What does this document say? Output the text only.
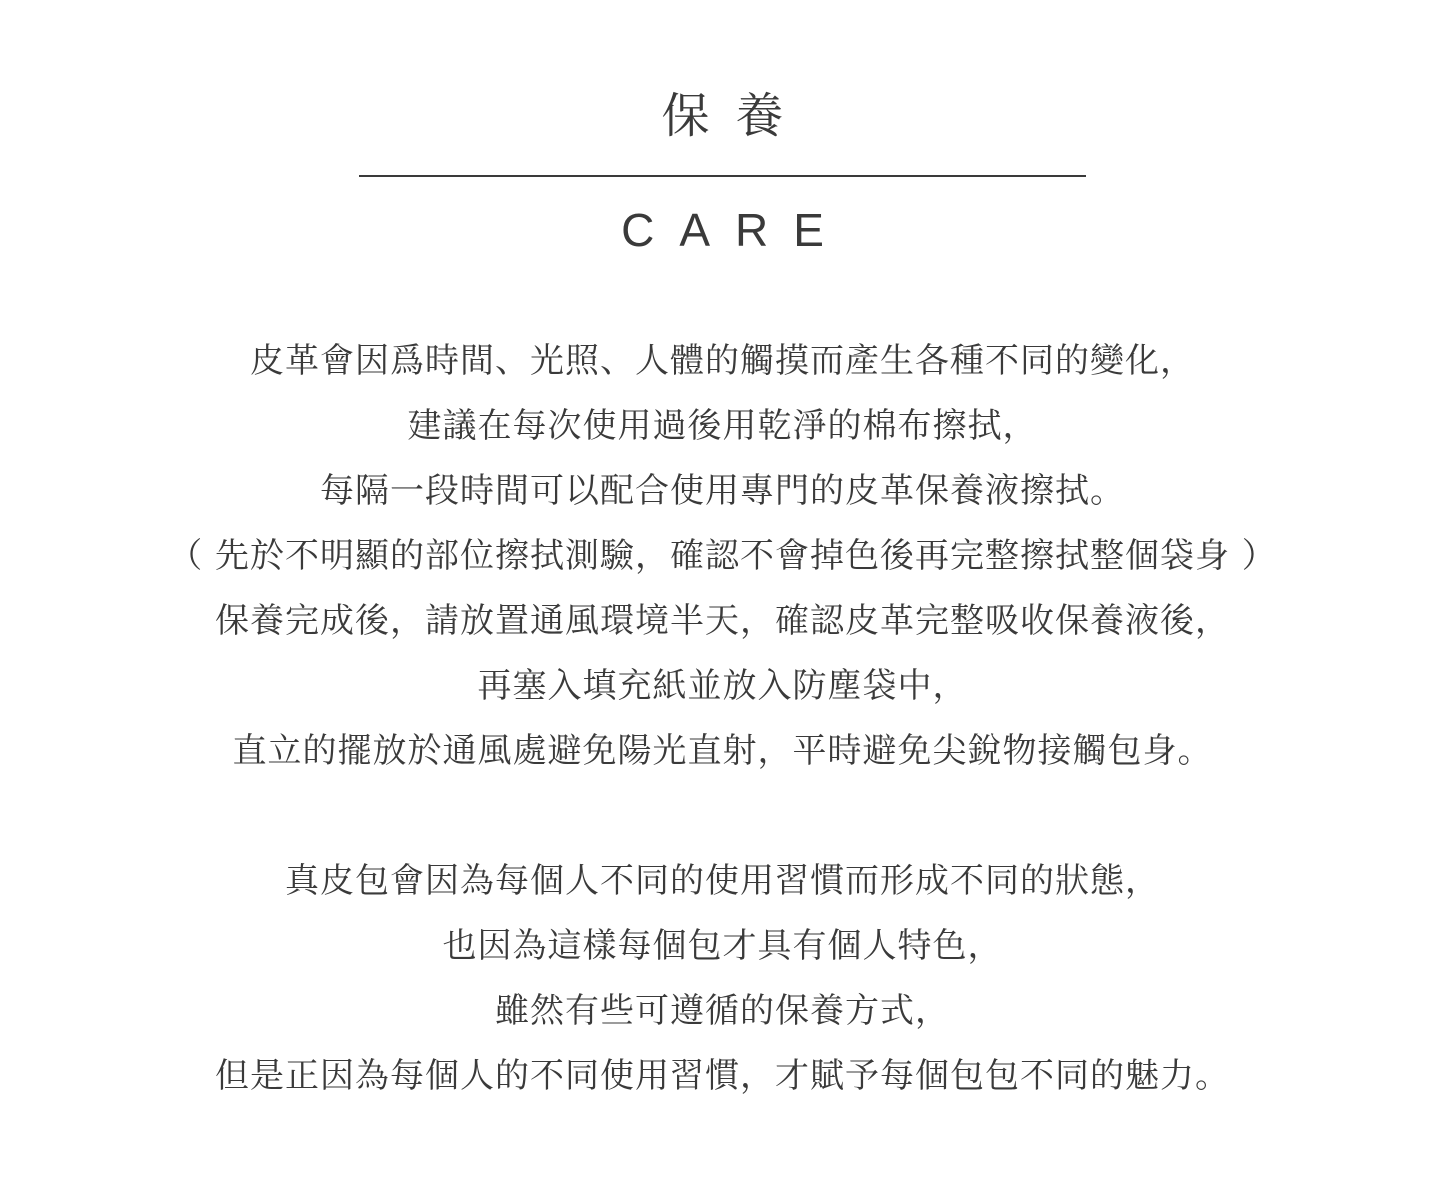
保養
CARE
皮革會因爲時間、光照、人體的觸摸而產生各種不同的變化，
建議在每次使用過後用乾淨的棉布擦拭，
每隔一段時間可以配合使用專門的皮革保養液擦拭。
（ 先於不明顯的部位擦拭測驗，確認不會掉色後再完整擦拭整個袋身 ）
保養完成後，請放置通風環境半天，確認皮革完整吸收保養液後，
再塞入填充紙並放入防塵袋中，
直立的擺放於通風處避免陽光直射，平時避免尖銳物接觸包身。
真皮包會因為每個人不同的使用習慣而形成不同的狀態，
也因為這樣每個包才具有個人特色，
雖然有些可遵循的保養方式，
但是正因為每個人的不同使用習慣，才賦予每個包包不同的魅力。
